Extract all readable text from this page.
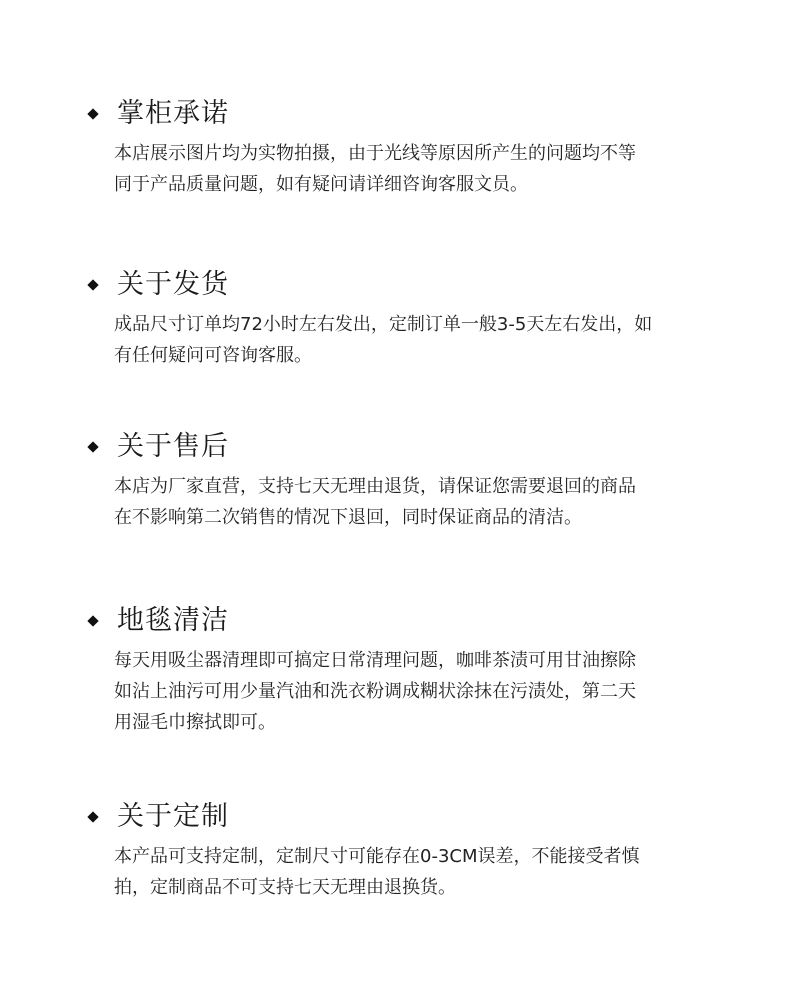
掌柜承诺
本店展示图片均为实物拍摄，由于光线等原因所产生的问题均不等
同于产品质量问题，如有疑问请详细咨询客服文员。
关于发货
成品尺寸订单均72小时左右发出，定制订单一般3-5天左右发出，如
有任何疑问可咨询客服。
关于售后
本店为厂家直营，支持七天无理由退货，请保证您需要退回的商品
在不影响第二次销售的情况下退回，同时保证商品的清洁。
地毯清洁
每天用吸尘器清理即可搞定日常清理问题，咖啡茶渍可用甘油擦除
如沾上油污可用少量汽油和洗衣粉调成糊状涂抹在污渍处，第二天
用湿毛巾擦拭即可。
关于定制
本产品可支持定制，定制尺寸可能存在0-3CM误差，不能接受者慎
拍，定制商品不可支持七天无理由退换货。
